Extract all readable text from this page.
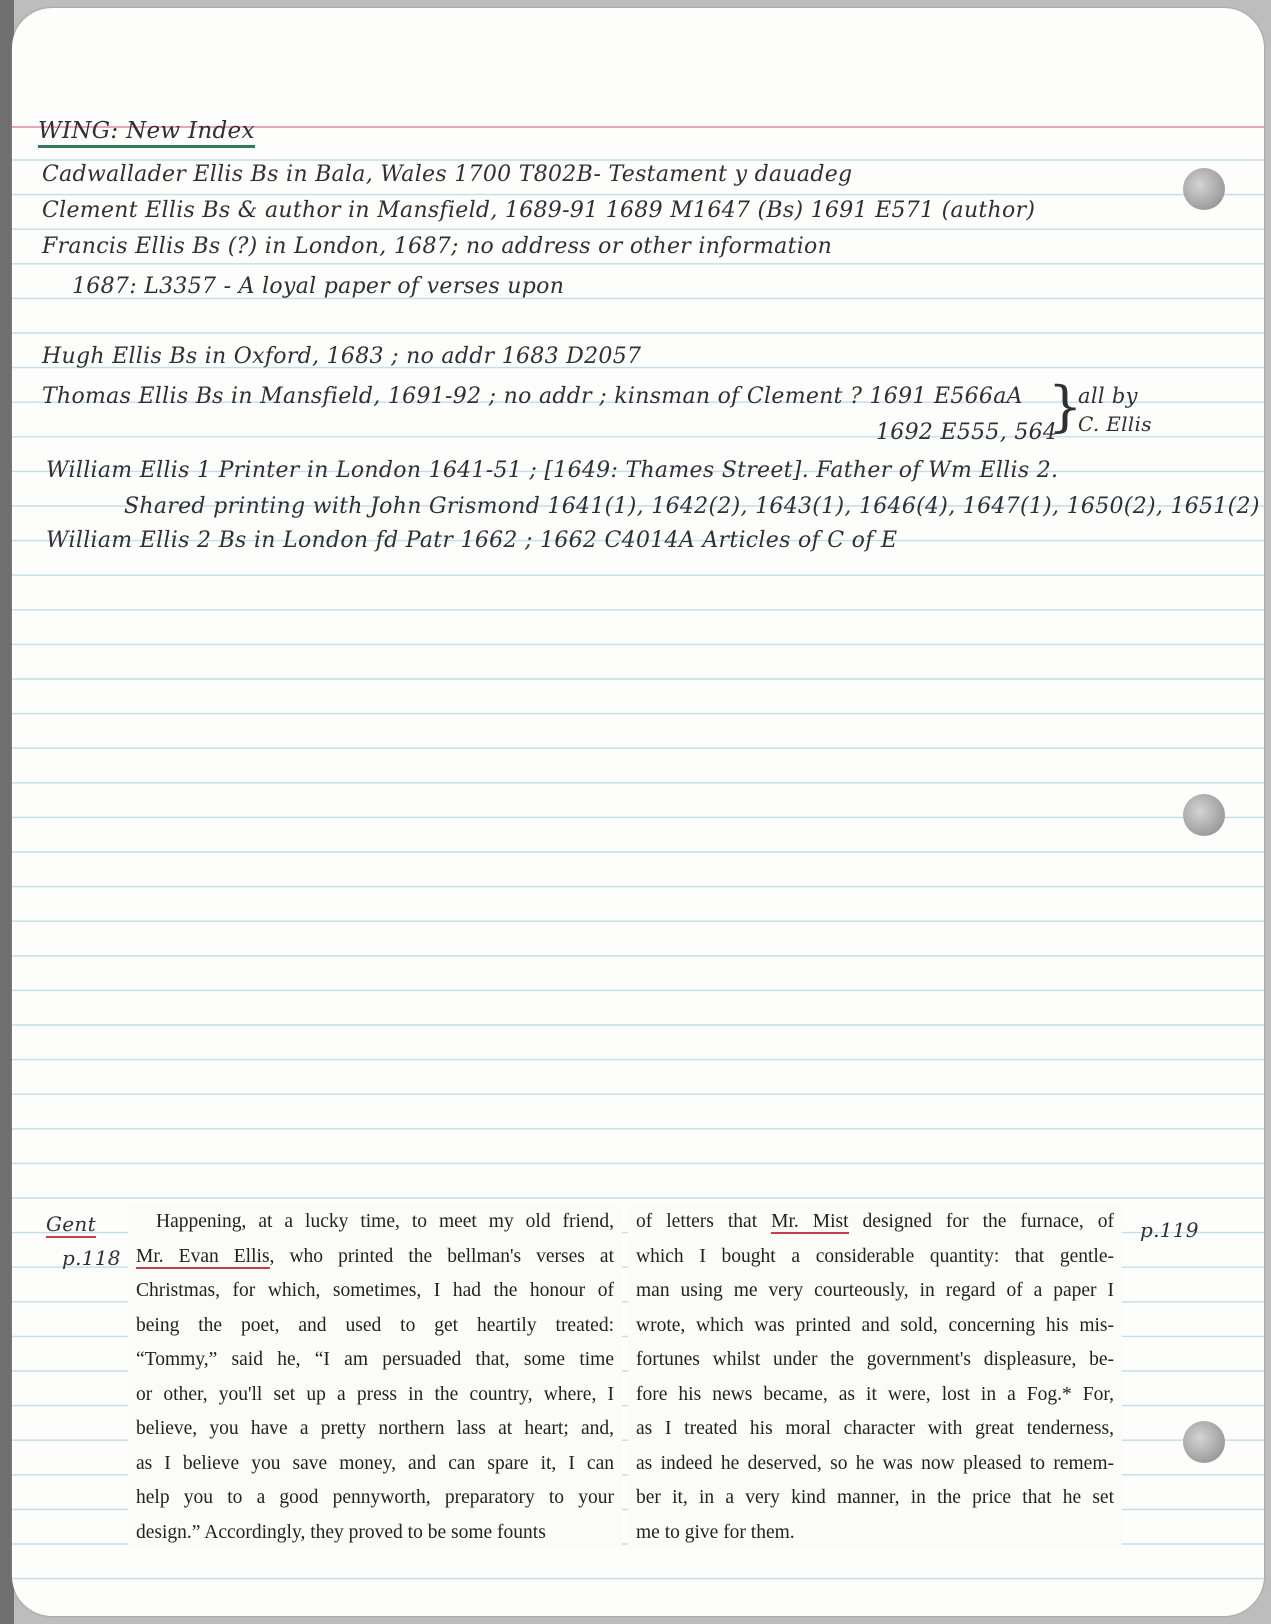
WING: New Index
Cadwallader Ellis Bs in Bala, Wales 1700 T802B- Testament y dauadeg
Clement Ellis Bs & author in Mansfield, 1689-91 1689 M1647 (Bs) 1691 E571 (author)
Francis Ellis Bs (?) in London, 1687; no address or other information
1687: L3357 - A loyal paper of verses upon
Hugh Ellis Bs in Oxford, 1683 ; no addr 1683 D2057
Thomas Ellis Bs in Mansfield, 1691-92 ; no addr ; kinsman of Clement ? 1691 E566aA
1692 E555, 564
}
all by
C. Ellis
William Ellis 1 Printer in London 1641-51 ; [1649: Thames Street]. Father of Wm Ellis 2.
Shared printing with John Grismond 1641(1), 1642(2), 1643(1), 1646(4), 1647(1), 1650(2), 1651(2)
William Ellis 2 Bs in London fd Patr 1662 ; 1662 C4014A Articles of C of E
Gent
p.118
p.119

Happening, at a lucky time, to meet my old friend,
Mr. Evan Ellis, who printed the bellman's verses at
Christmas, for which, sometimes, I had the honour of
being the poet, and used to get heartily treated:
“Tommy,” said he, “I am persuaded that, some time
or other, you'll set up a press in the country, where, I
believe, you have a pretty northern lass at heart; and,
as I believe you save money, and can spare it, I can
help you to a good pennyworth, preparatory to your
design.” Accordingly, they proved to be some founts

of letters that Mr. Mist designed for the furnace, of
which I bought a considerable quantity: that gentle-
man using me very courteously, in regard of a paper I
wrote, which was printed and sold, concerning his mis-
fortunes whilst under the government's displeasure, be-
fore his news became, as it were, lost in a Fog.* For,
as I treated his moral character with great tenderness,
as indeed he deserved, so he was now pleased to remem-
ber it, in a very kind manner, in the price that he set
me to give for them.
